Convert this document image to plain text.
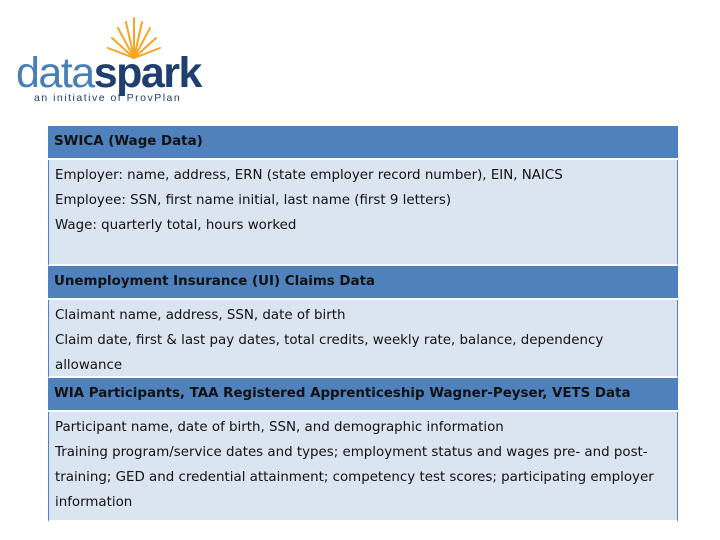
dataspark
an initiative of ProvPlan
SWICA (Wage Data)
Employer: name, address, ERN (state employer record number), EIN, NAICS
Employee: SSN, first name initial, last name (first 9 letters)
Wage: quarterly total, hours worked
Unemployment Insurance (UI) Claims Data
Claimant name, address, SSN, date of birth
Claim date, first & last pay dates, total credits, weekly rate, balance, dependency allowance
WIA Participants, TAA Registered Apprenticeship Wagner-Peyser, VETS Data
Participant name, date of birth, SSN, and demographic information
Training program/service dates and types; employment status and wages pre- and post-training; GED and credential attainment; competency test scores; participating employer information
